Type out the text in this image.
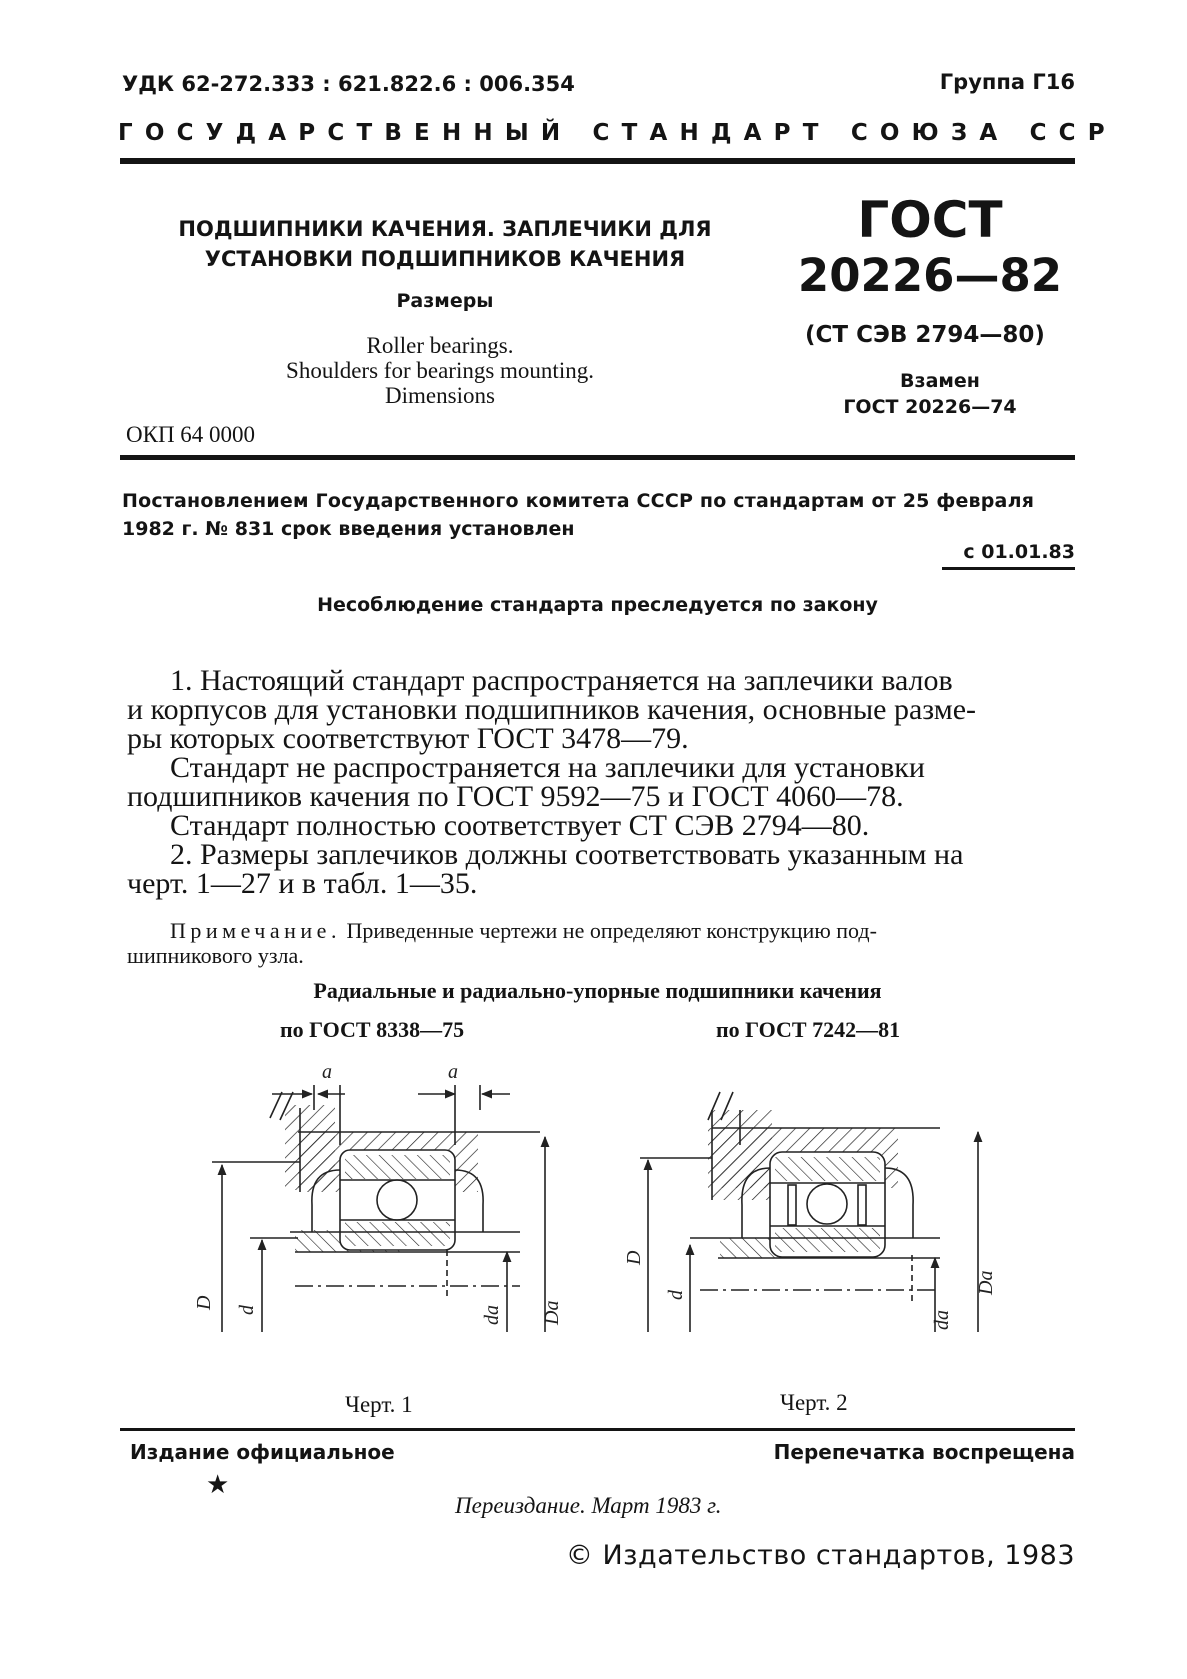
УДК 62-272.333 : 621.822.6 : 006.354	Группа Г16
ГОСУДАРСТВЕННЫЙ СТАНДАРТ СОЮЗА ССР
ПОДШИПНИКИ КАЧЕНИЯ. ЗАПЛЕЧИКИ ДЛЯ
УСТАНОВКИ ПОДШИПНИКОВ КАЧЕНИЯ
Размеры
Roller bearings.
Shoulders for bearings mounting.
Dimensions
ОКП 64 0000
ГОСТ
20226—82
(СТ СЭВ 2794—80)
Взамен
ГОСТ 20226—74
Постановлением Государственного комитета СССР по стандартам от 25 февраля
1982 г. № 831 срок введения установлен
с 01.01.83
Несоблюдение стандарта преследуется по закону

1. Настоящий стандарт распространяется на заплечики валов

и корпусов для установки подшипников качения, основные разме-

ры которых соответствуют ГОСТ 3478—79.

Стандарт не распространяется на заплечики для установки

подшипников качения по ГОСТ 9592—75 и ГОСТ 4060—78.

Стандарт полностью соответствует СТ СЭВ 2794—80.

2. Размеры заплечиков должны соответствовать указанным на

черт. 1—27 и в табл. 1—35.

Примечание. Приведенные чертежи не определяют конструкцию под-
шипникового узла.
Радиальные и радиально-упорные подшипники качения
по ГОСТ 8338—75	по ГОСТ 7242—81
a	a
D d	da Da
D
d
da
Da
Черт. 1	Черт. 2
Издание официальное
★
Перепечатка воспрещена
Переиздание. Март 1983 г.
© Издательство стандартов, 1983
